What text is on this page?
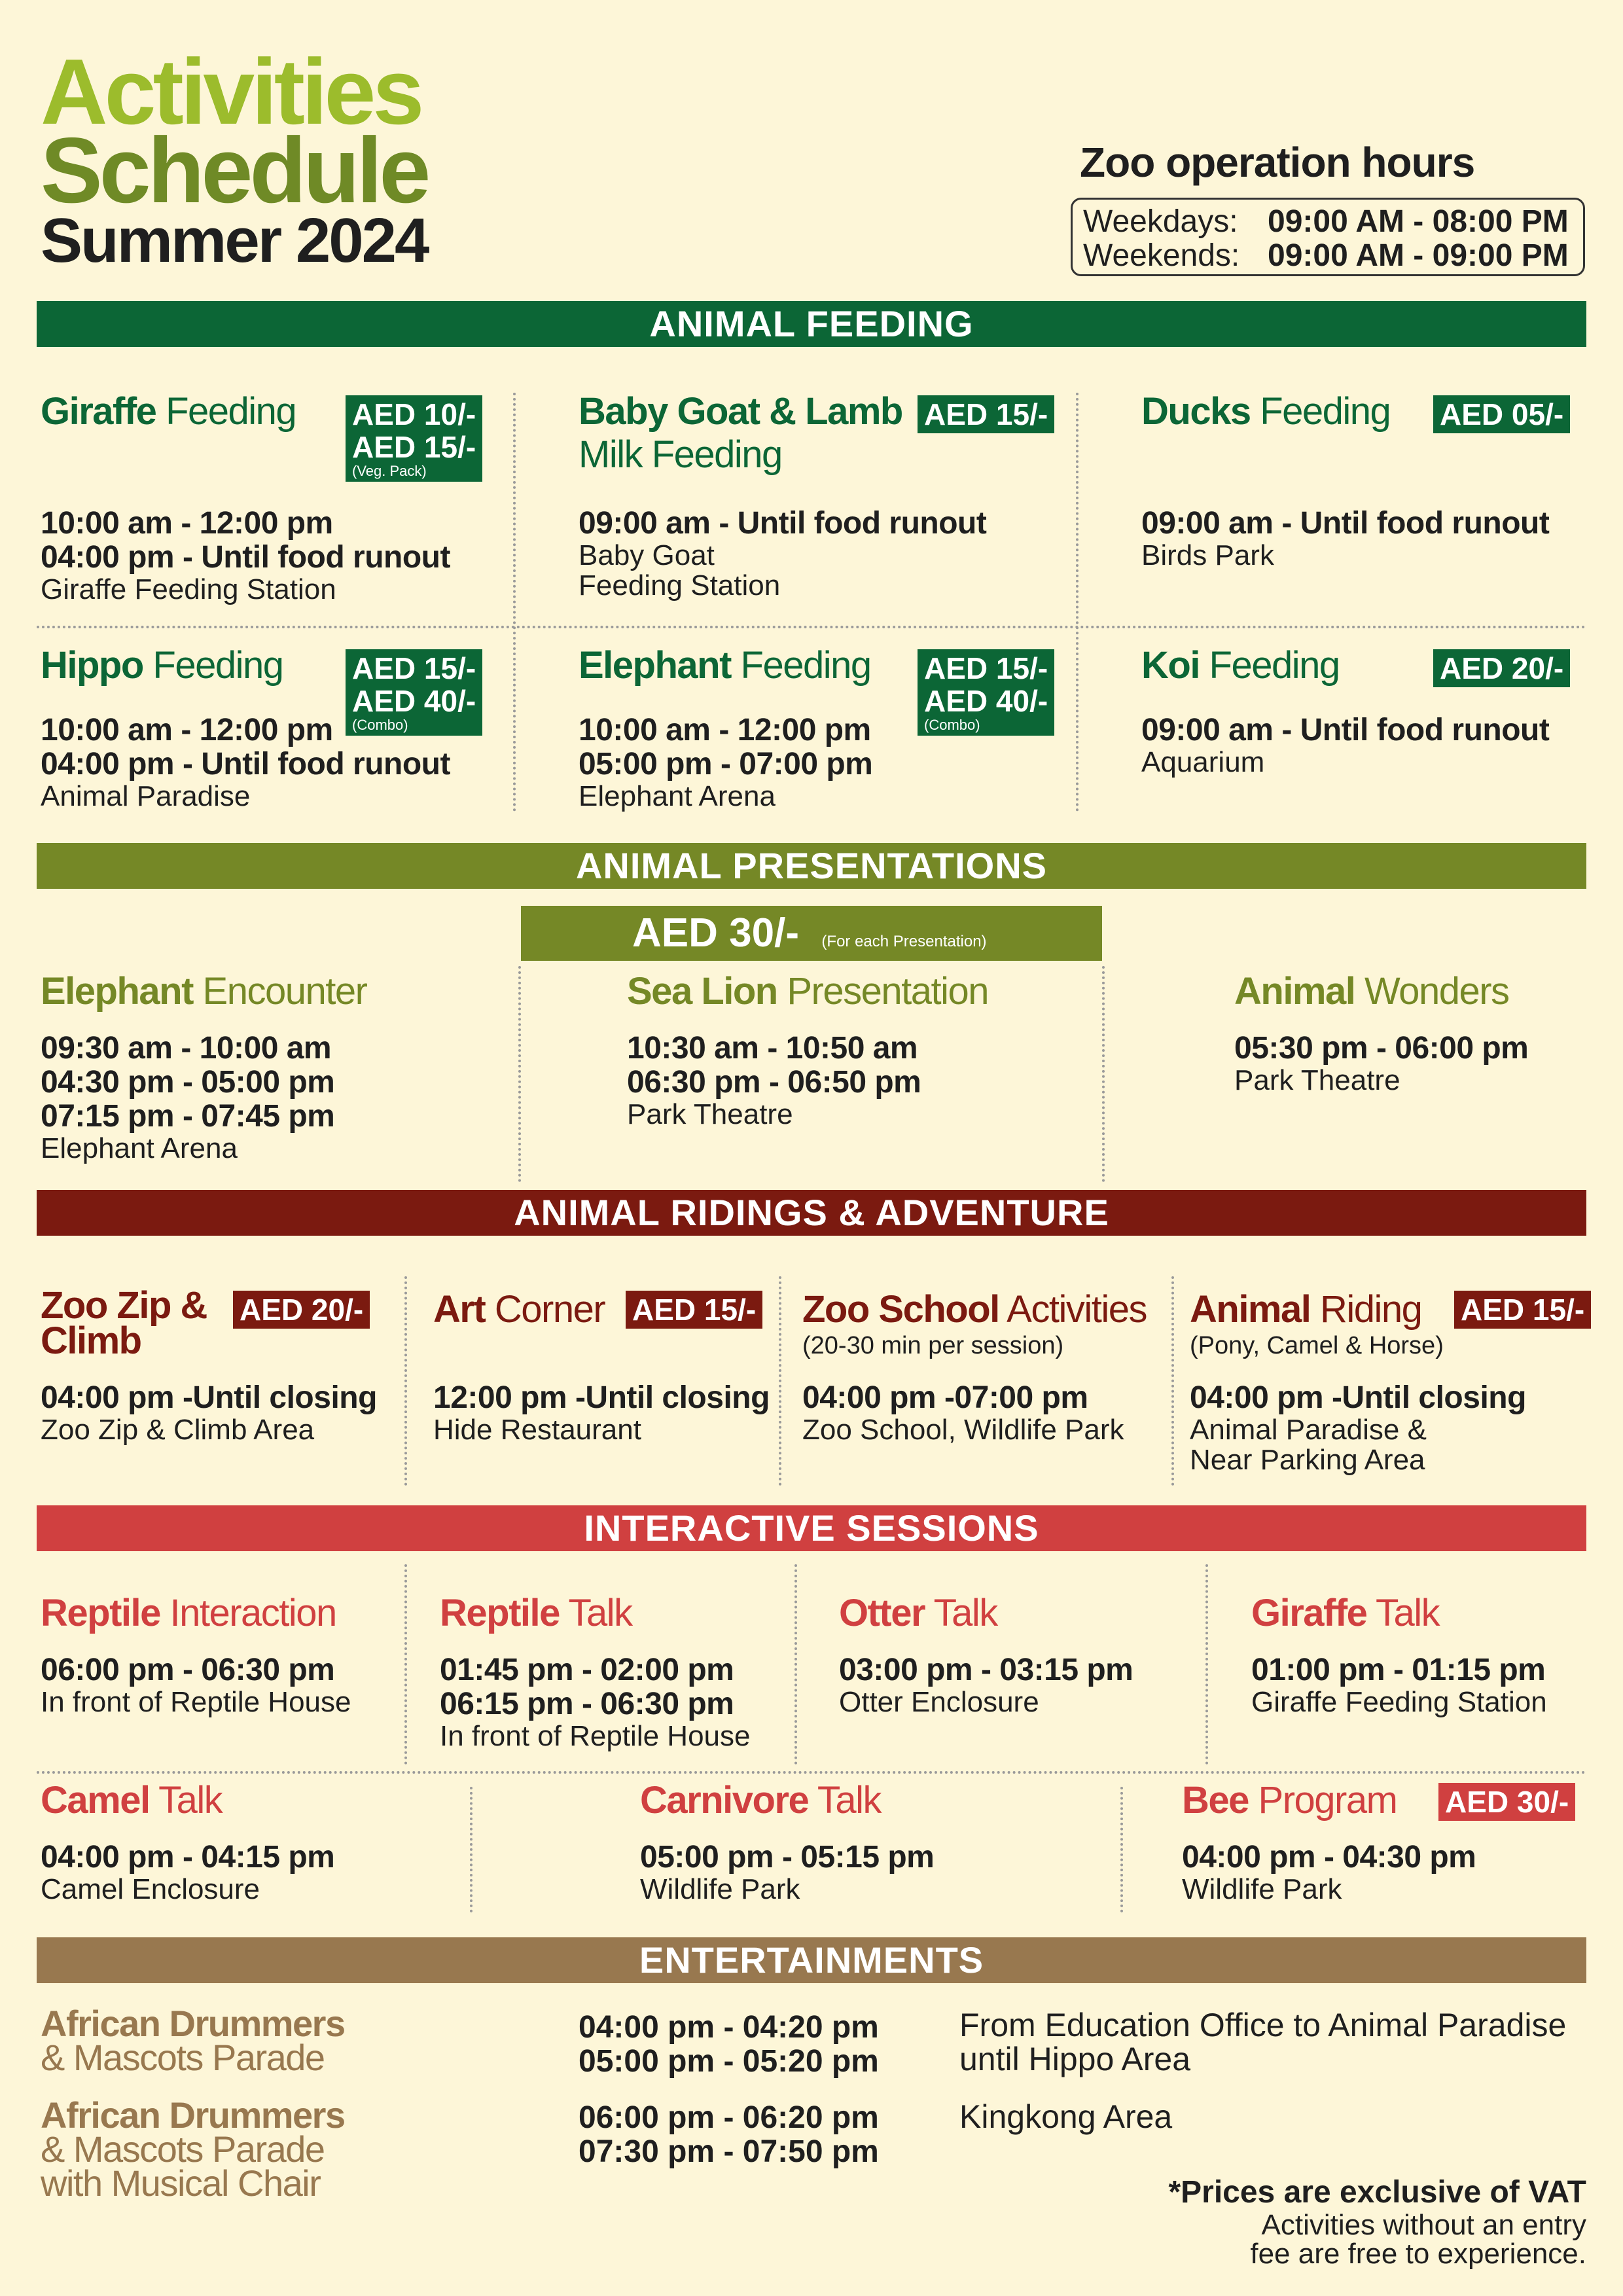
Activities
Schedule
Summer 2024
Zoo operation hours
Weekdays: 09:00 AM - 08:00 PM
Weekends: 09:00 AM - 09:00 PM
ANIMAL FEEDING
Giraffe Feeding
10:00 am - 12:00 pm
04:00 pm - Until food runout
Giraffe Feeding Station
AED 10/-
AED 15/-
(Veg. Pack)
Baby Goat & Lamb
Milk Feeding
09:00 am - Until food runout
Baby Goat
Feeding Station
AED 15/- Ducks Feeding
09:00 am - Until food runout
Birds Park
AED 05/-
Hippo Feeding
10:00 am - 12:00 pm
04:00 pm - Until food runout
Animal Paradise
AED 15/-
AED 40/-
(Combo)
Elephant Feeding
10:00 am - 12:00 pm
05:00 pm - 07:00 pm
Elephant Arena
AED 15/-
AED 40/-
(Combo)
Koi Feeding
09:00 am - Until food runout
Aquarium
AED 20/-
ANIMAL PRESENTATIONS
AED 30/- (For each Presentation)
Elephant Encounter
09:30 am - 10:00 am
04:30 pm - 05:00 pm
07:15 pm - 07:45 pm
Elephant Arena
Sea Lion Presentation
10:30 am - 10:50 am
06:30 pm - 06:50 pm
Park Theatre
Animal Wonders
05:30 pm - 06:00 pm
Park Theatre
ANIMAL RIDINGS & ADVENTURE
Zoo Zip &
Climb
04:00 pm -Until closing
Zoo Zip & Climb Area
AED 20/- Art Corner
12:00 pm -Until closing
Hide Restaurant
AED 15/- Zoo School Activities
(20-30 min per session)
04:00 pm -07:00 pm
Zoo School, Wildlife Park
Animal Riding
(Pony, Camel & Horse)
04:00 pm -Until closing
Animal Paradise &
Near Parking Area
AED 15/-
INTERACTIVE SESSIONS
Reptile Interaction
06:00 pm - 06:30 pm
In front of Reptile House
Reptile Talk
01:45 pm - 02:00 pm
06:15 pm - 06:30 pm
In front of Reptile House
Otter Talk
03:00 pm - 03:15 pm
Otter Enclosure
Giraffe Talk
01:00 pm - 01:15 pm
Giraffe Feeding Station
Camel Talk
04:00 pm - 04:15 pm
Camel Enclosure
Carnivore Talk
05:00 pm - 05:15 pm
Wildlife Park
Bee Program
04:00 pm - 04:30 pm
Wildlife Park
AED 30/-
ENTERTAINMENTS
African Drummers
& Mascots Parade
04:00 pm - 04:20 pm
05:00 pm - 05:20 pm
From Education Office to Animal Paradise
until Hippo Area
African Drummers
& Mascots Parade
with Musical Chair
06:00 pm - 06:20 pm
07:30 pm - 07:50 pm
Kingkong Area
*Prices are exclusive of VAT
Activities without an entry
fee are free to experience.
